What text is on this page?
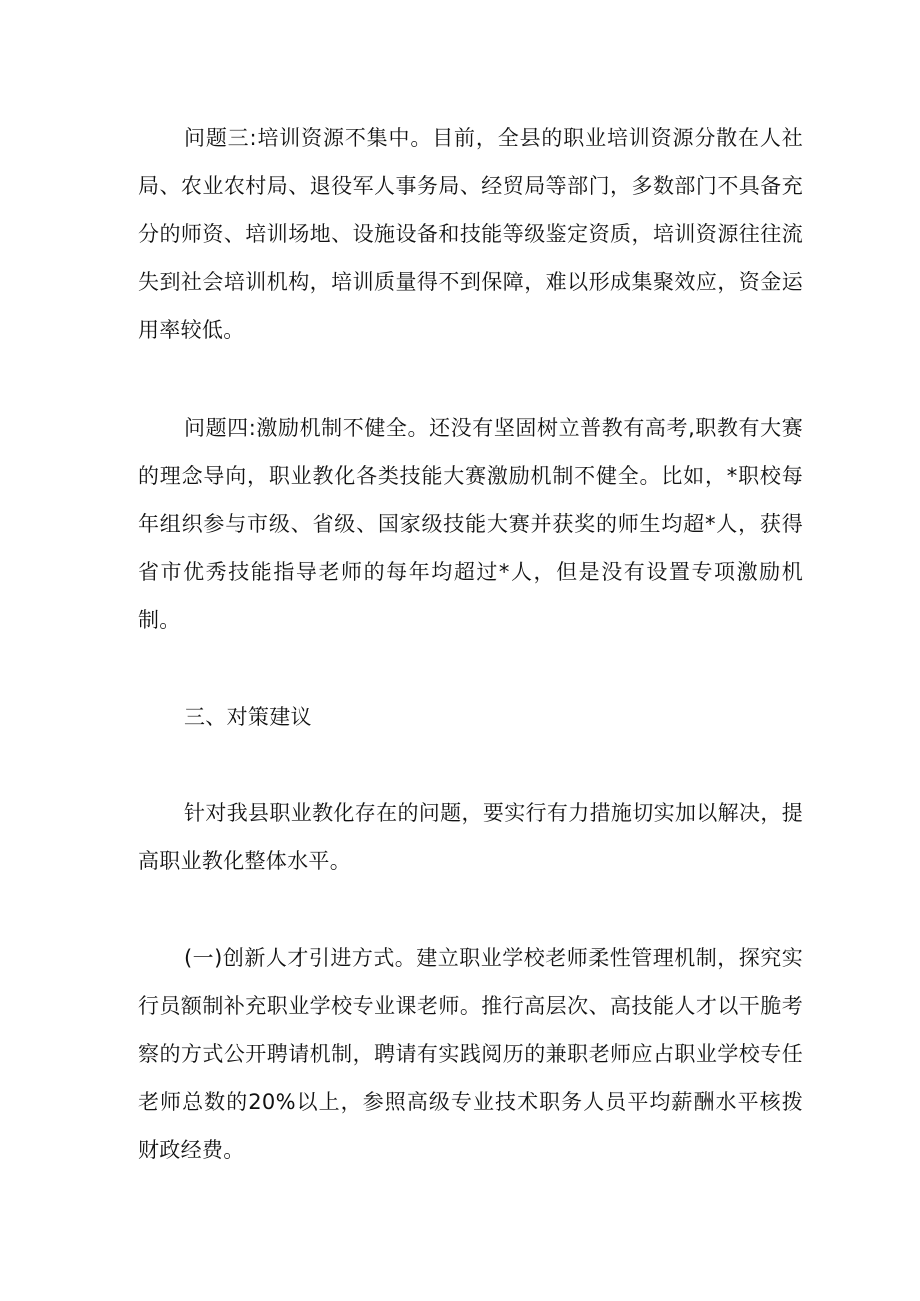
问题三:培训资源不集中。目前，全县的职业培训资源分散在人社局、农业农村局、退役军人事务局、经贸局等部门，多数部门不具备充分的师资、培训场地、设施设备和技能等级鉴定资质，培训资源往往流失到社会培训机构，培训质量得不到保障，难以形成集聚效应，资金运用率较低。

问题四:激励机制不健全。还没有坚固树立普教有高考,职教有大赛的理念导向，职业教化各类技能大赛激励机制不健全。比如，*职校每年组织参与市级、省级、国家级技能大赛并获奖的师生均超*人，获得省市优秀技能指导老师的每年均超过*人，但是没有设置专项激励机制。

三、对策建议

针对我县职业教化存在的问题，要实行有力措施切实加以解决，提高职业教化整体水平。

(一)创新人才引进方式。建立职业学校老师柔性管理机制，探究实行员额制补充职业学校专业课老师。推行高层次、高技能人才以干脆考察的方式公开聘请机制，聘请有实践阅历的兼职老师应占职业学校专任老师总数的20%以上，参照高级专业技术职务人员平均薪酬水平核拨财政经费。
